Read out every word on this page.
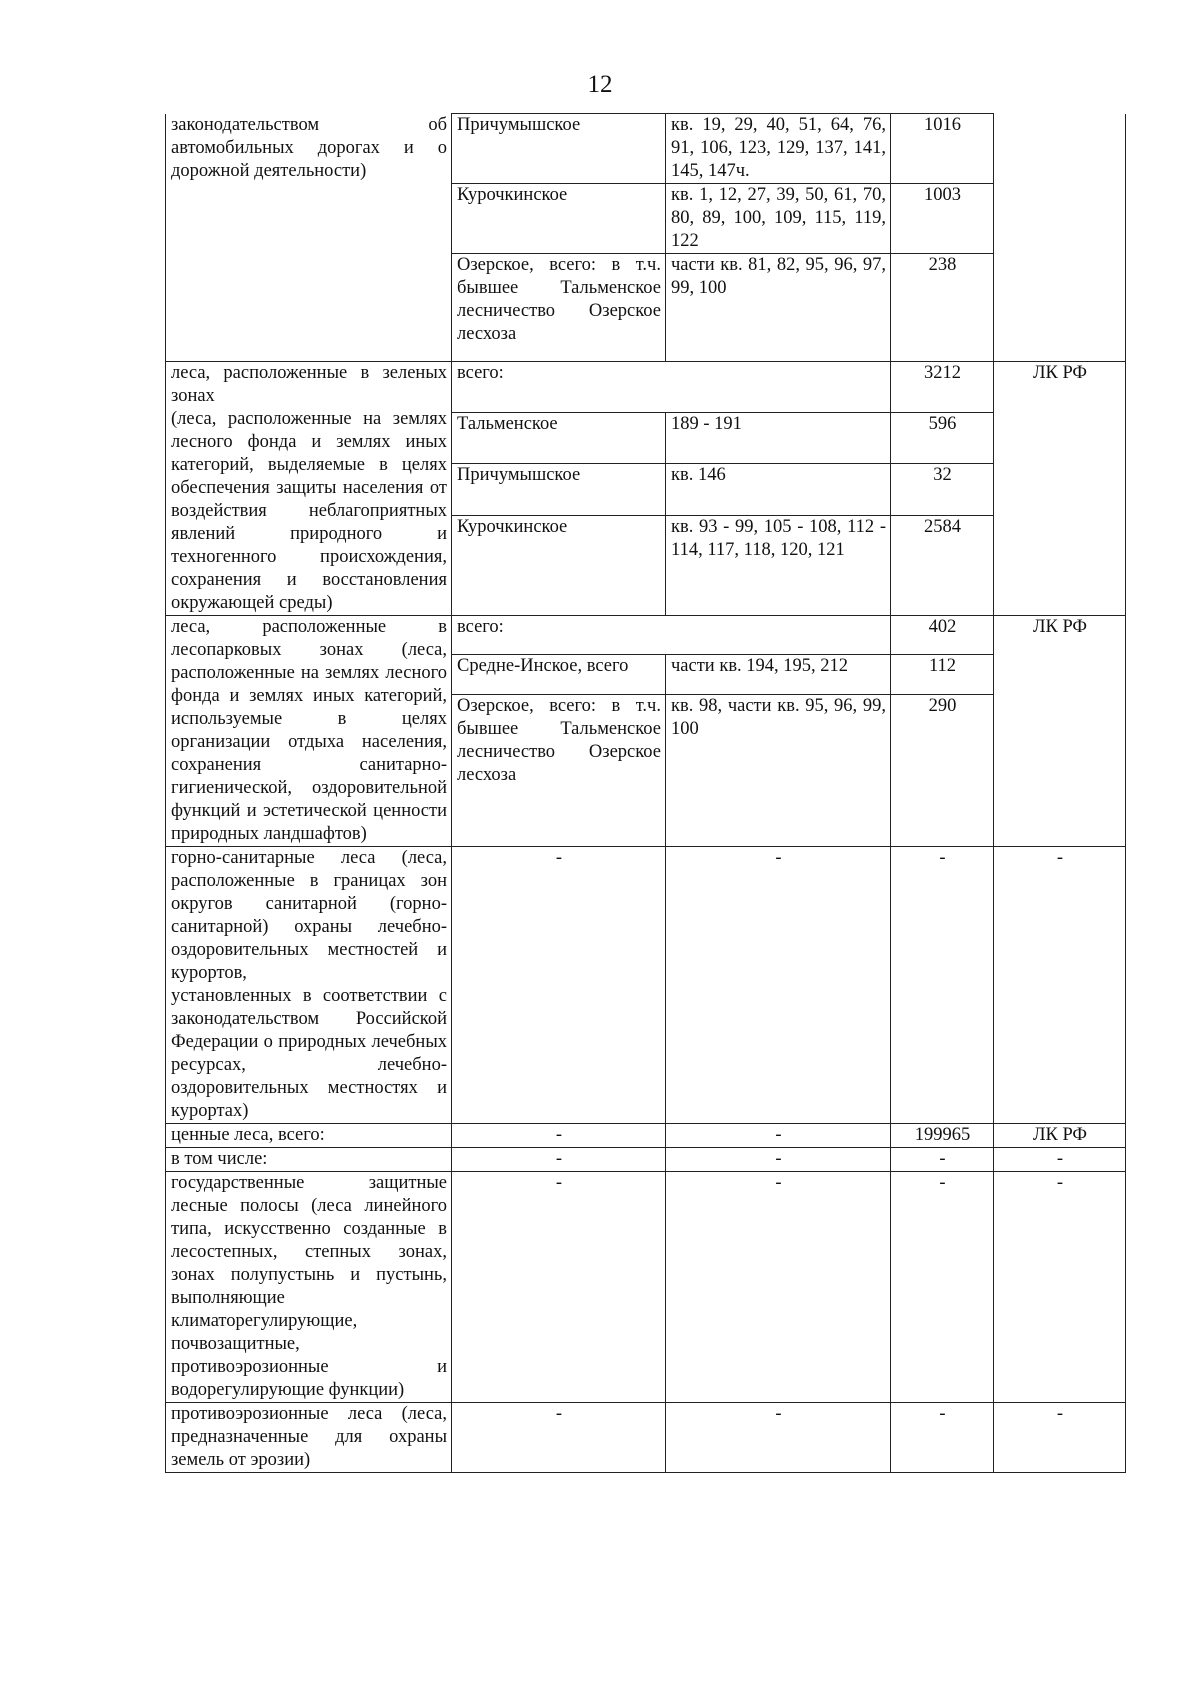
12
законодательством об автомобильных дорогах и о дорожной деятельности)	Причумышское	кв. 19, 29, 40, 51, 64, 76, 91, 106, 123, 129, 137, 141, 145, 147ч.	1016	
	Курочкинское	кв. 1, 12, 27, 39, 50, 61, 70, 80, 89, 100, 109, 115, 119, 122	1003	
	Озерское, всего: в т.ч. бывшее Тальменское лесничество Озерское лесхоза	части кв. 81, 82, 95, 96, 97, 99, 100	238	

леса, расположенные в зеленых зонах
(леса, расположенные на землях лесного фонда и землях иных категорий, выделяемые в целях обеспечения защиты населения от воздействия неблагоприятных явлений природного и техногенного происхождения, сохранения и восстановления окружающей среды)	всего:		3212	ЛК РФ
	Тальменское	189 - 191	596	
	Причумышское	кв. 146	32	
	Курочкинское	кв. 93 - 99, 105 - 108, 112 - 114, 117, 118, 120, 121	2584	
леса, расположенные в лесопарковых зонах (леса, расположенные на землях лесного фонда и землях иных категорий, используемые в целях организации отдыха населения, сохранения санитарно-гигиенической, оздоровительной функций и эстетической ценности природных ландшафтов)	всего:		402	ЛК РФ
	Средне-Инское, всего	части кв. 194, 195, 212	112	
	Озерское, всего: в т.ч. бывшее Тальменское лесничество Озерское лесхоза	кв. 98, части кв. 95, 96, 99, 100	290	

горно-санитарные леса (леса, расположенные в границах зон округов санитарной (горно-санитарной) охраны лечебно-оздоровительных местностей и курортов,
установленных в соответствии с законодательством Российской Федерации о природных лечебных ресурсах, лечебно-оздоровительных местностях и курортах)	-	-	-	-
ценные леса, всего:	-	-	199965	ЛК РФ
в том числе:	-	-	-	-
государственные защитные лесные полосы (леса линейного типа, искусственно созданные в лесостепных, степных зонах, зонах полупустынь и пустынь, выполняющие климаторегулирующие, почвозащитные, противоэрозионные и водорегулирующие функции)	-	-	-	-
противоэрозионные леса (леса, предназначенные для охраны земель от эрозии)	-	-	-	-
